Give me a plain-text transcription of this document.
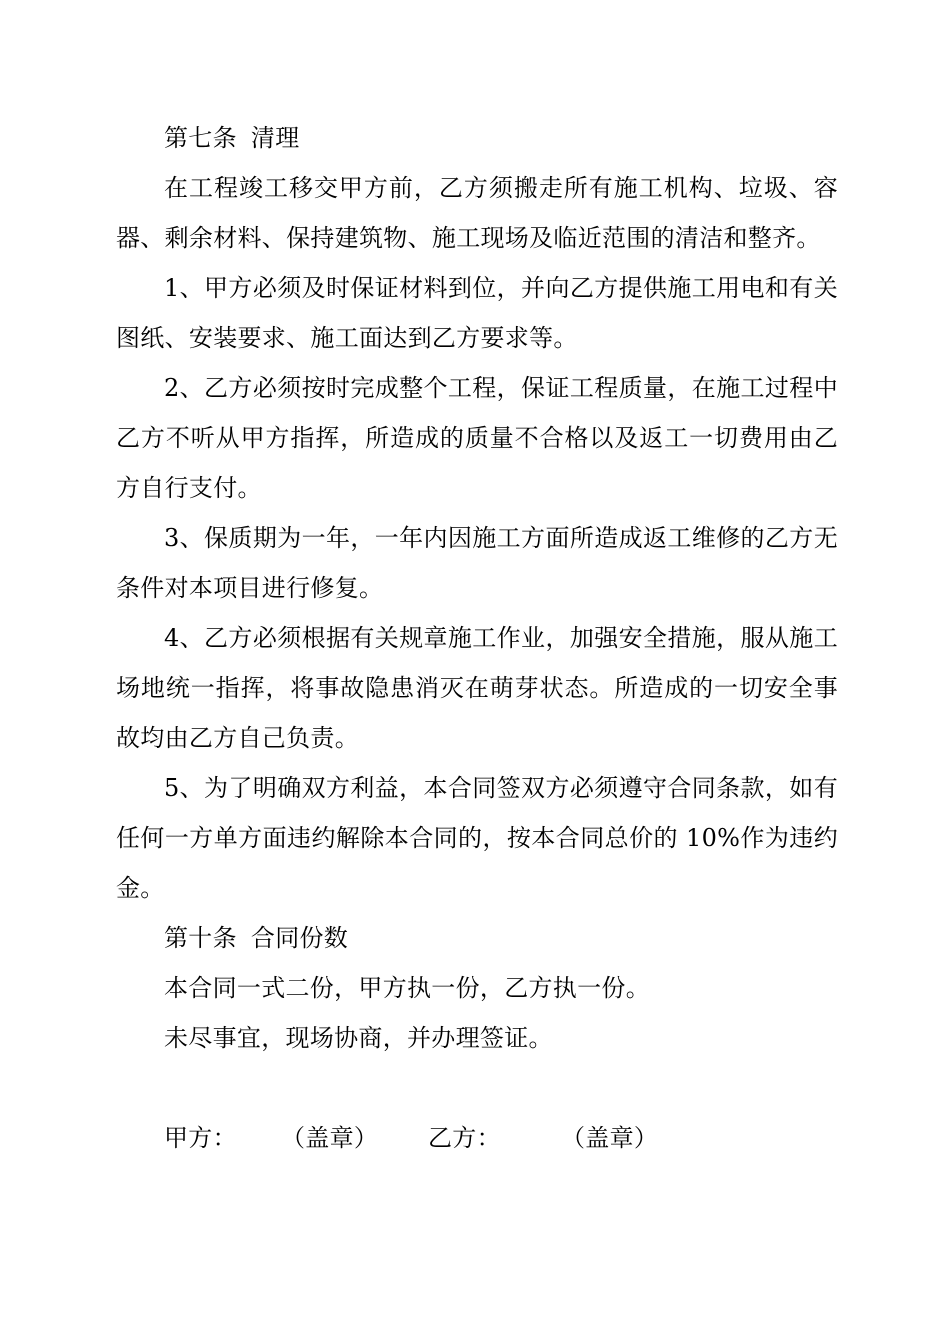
第七条 清理

在工程竣工移交甲方前，乙方须搬走所有施工机构、垃圾、容器、剩余材料、保持建筑物、施工现场及临近范围的清洁和整齐。

1、甲方必须及时保证材料到位，并向乙方提供施工用电和有关图纸、安装要求、施工面达到乙方要求等。

2、乙方必须按时完成整个工程，保证工程质量，在施工过程中乙方不听从甲方指挥，所造成的质量不合格以及返工一切费用由乙方自行支付。

3、保质期为一年，一年内因施工方面所造成返工维修的乙方无条件对本项目进行修复。

4、乙方必须根据有关规章施工作业，加强安全措施，服从施工场地统一指挥，将事故隐患消灭在萌芽状态。所造成的一切安全事故均由乙方自己负责。

5、为了明确双方利益，本合同签双方必须遵守合同条款，如有任何一方单方面违约解除本合同的，按本合同总价的 10%作为违约金。

第十条 合同份数

本合同一式二份，甲方执一份，乙方执一份。

未尽事宜，现场协商，并办理签证。

甲方： （盖章） 乙方：	（盖章）
